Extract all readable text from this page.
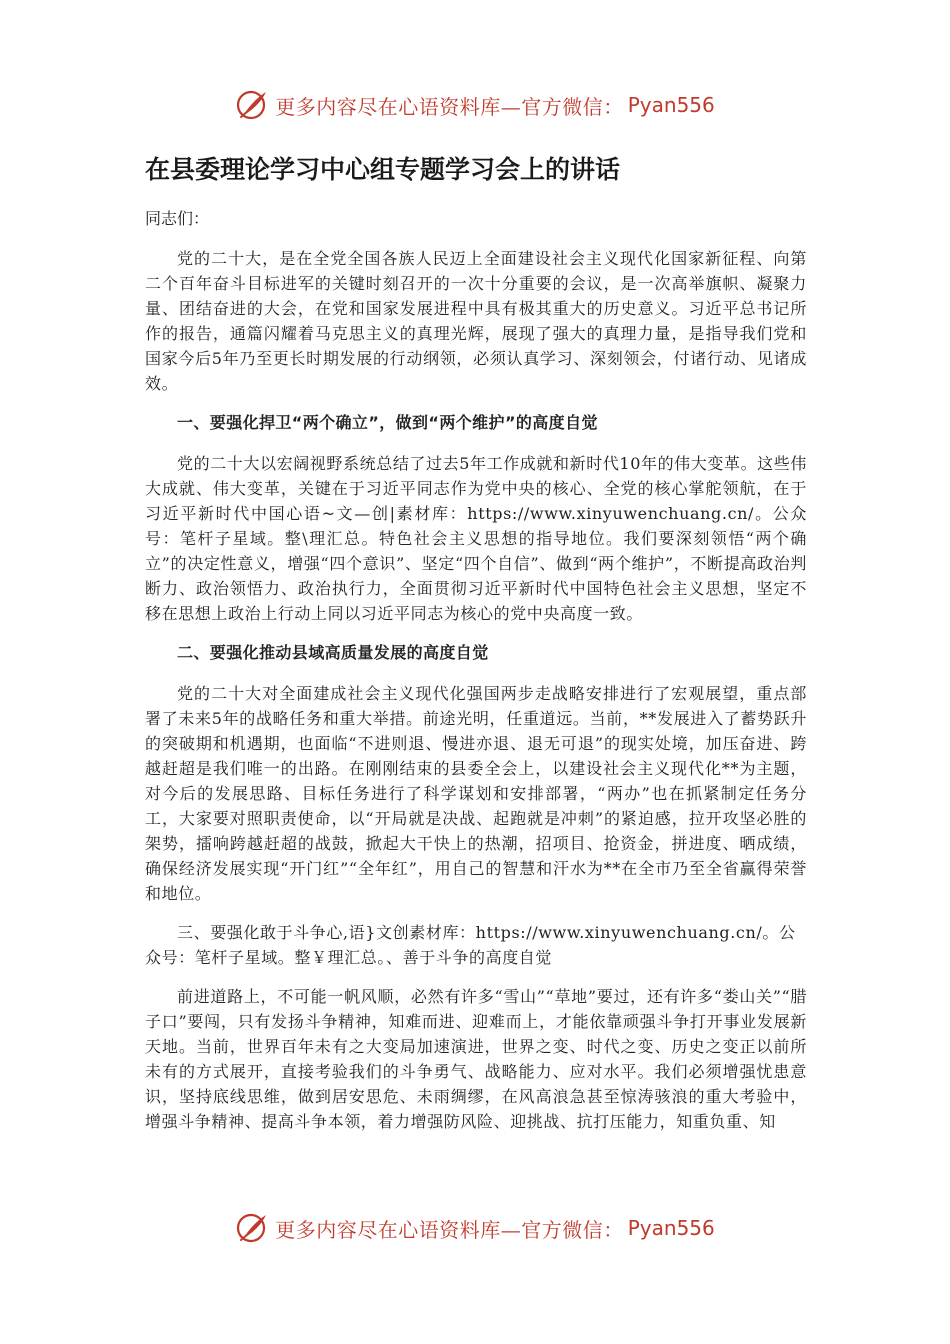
更多内容尽在心语资料库—官方微信： Pyan556
在县委理论学习中心组专题学习会上的讲话
同志们：

党的二十大，是在全党全国各族人民迈上全面建设社会主义现代化国家新征程、向第二个百年奋斗目标进军的关键时刻召开的一次十分重要的会议，是一次高举旗帜、凝聚力量、团结奋进的大会，在党和国家发展进程中具有极其重大的历史意义。习近平总书记所作的报告，通篇闪耀着马克思主义的真理光辉，展现了强大的真理力量，是指导我们党和国家今后5年乃至更长时期发展的行动纲领，必须认真学习、深刻领会，付诸行动、见诸成效。

一、要强化捍卫“两个确立”，做到“两个维护”的高度自觉

党的二十大以宏阔视野系统总结了过去5年工作成就和新时代10年的伟大变革。这些伟大成就、伟大变革，关键在于习近平同志作为党中央的核心、全党的核心掌舵领航，在于习近平新时代中国心语~文—创|素材库：https://www.xinyuwenchuang.cn/。公众号：笔杆子星域。整\理汇总。特色社会主义思想的指导地位。我们要深刻领悟“两个确立”的决定性意义，增强“四个意识”、坚定“四个自信”、做到“两个维护”，不断提高政治判断力、政治领悟力、政治执行力，全面贯彻习近平新时代中国特色社会主义思想，坚定不移在思想上政治上行动上同以习近平同志为核心的党中央高度一致。

二、要强化推动县域高质量发展的高度自觉

党的二十大对全面建成社会主义现代化强国两步走战略安排进行了宏观展望，重点部署了未来5年的战略任务和重大举措。前途光明，任重道远。当前，**发展进入了蓄势跃升的突破期和机遇期，也面临“不进则退、慢进亦退、退无可退”的现实处境，加压奋进、跨越赶超是我们唯一的出路。在刚刚结束的县委全会上，以建设社会主义现代化**为主题，对今后的发展思路、目标任务进行了科学谋划和安排部署，“两办”也在抓紧制定任务分工，大家要对照职责使命，以“开局就是决战、起跑就是冲刺”的紧迫感，拉开攻坚必胜的架势，擂响跨越赶超的战鼓，掀起大干快上的热潮，招项目、抢资金，拼进度、晒成绩，确保经济发展实现“开门红”“全年红”，用自己的智慧和汗水为**在全市乃至全省赢得荣誉和地位。

三、要强化敢于斗争心,语}文创素材库：https://www.xinyuwenchuang.cn/。公众号：笔杆子星域。整￥理汇总。、善于斗争的高度自觉

前进道路上，不可能一帆风顺，必然有许多“雪山”“草地”要过，还有许多“娄山关”“腊子口”要闯，只有发扬斗争精神，知难而进、迎难而上，才能依靠顽强斗争打开事业发展新天地。当前，世界百年未有之大变局加速演进，世界之变、时代之变、历史之变正以前所未有的方式展开，直接考验我们的斗争勇气、战略能力、应对水平。我们必须增强忧患意识，坚持底线思维，做到居安思危、未雨绸缪，在风高浪急甚至惊涛骇浪的重大考验中，增强斗争精神、提高斗争本领，着力增强防风险、迎挑战、抗打压能力，知重负重、知

更多内容尽在心语资料库—官方微信： Pyan556
